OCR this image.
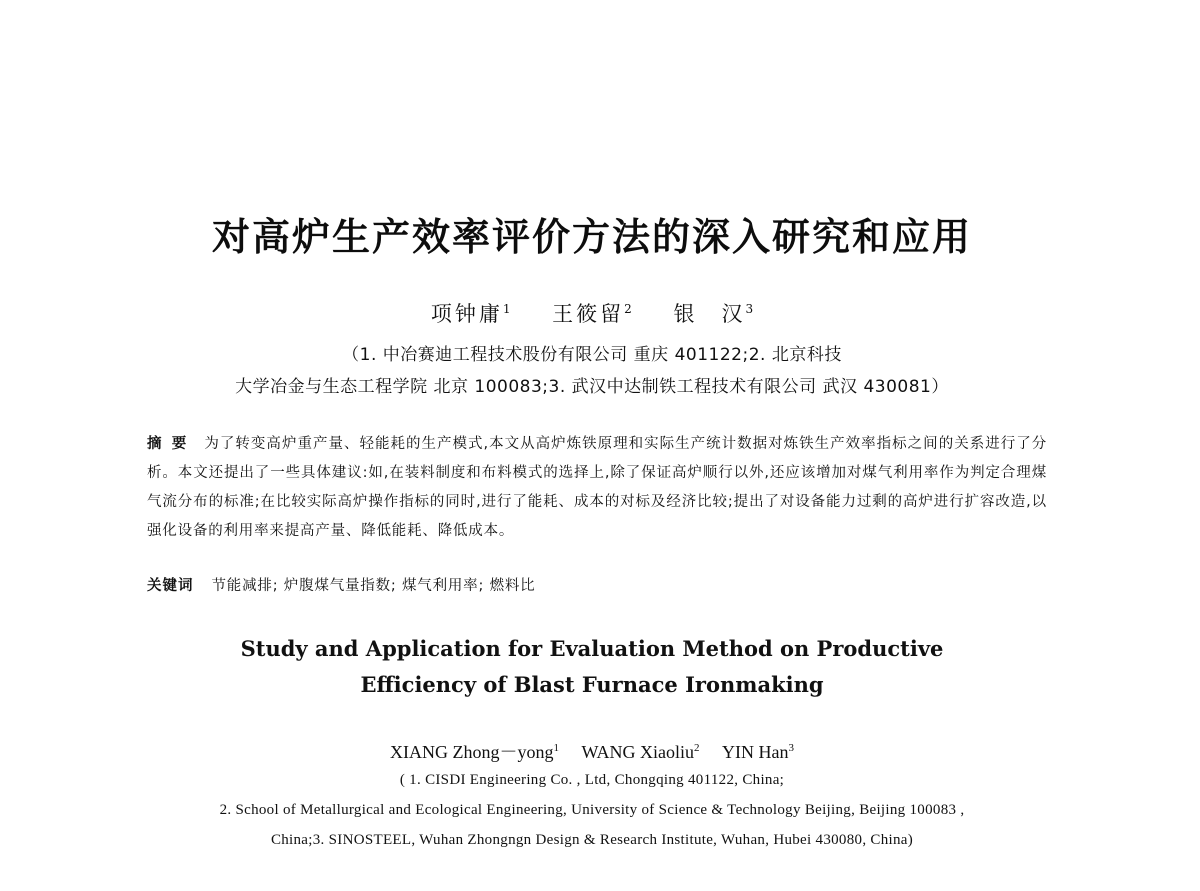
对高炉生产效率评价方法的深入研究和应用
项钟庸$^1$ 王筱留$^2$ 银　汉$^3$
（1. 中冶赛迪工程技术股份有限公司 重庆 401122;2. 北京科技
大学冶金与生态工程学院 北京 100083;3. 武汉中达制铁工程技术有限公司 武汉 430081）
摘要 为了转变高炉重产量、轻能耗的生产模式,本文从高炉炼铁原理和实际生产统计数据对炼铁生产效率指标之间的关系进行了分析。本文还提出了一些具体建议:如,在装料制度和布料模式的选择上,除了保证高炉顺行以外,还应该增加对煤气利用率作为判定合理煤气流分布的标准;在比较实际高炉操作指标的同时,进行了能耗、成本的对标及经济比较;提出了对设备能力过剩的高炉进行扩容改造,以强化设备的利用率来提高产量、降低能耗、降低成本。
关键词 节能减排; 炉腹煤气量指数; 煤气利用率; 燃料比
Study and Application for Evaluation Method on Productive
Efficiency of Blast Furnace Ironmaking
XIANG Zhong－yong$^1$ WANG Xiaoliu$^2$ YIN Han$^3$
( 1. CISDI Engineering Co. , Ltd, Chongqing 401122, China;
2. School of Metallurgical and Ecological Engineering, University of Science & Technology Beijing, Beijing 100083 ,
China;3. SINOSTEEL, Wuhan Zhongngn Design & Research Institute, Wuhan, Hubei 430080, China)
